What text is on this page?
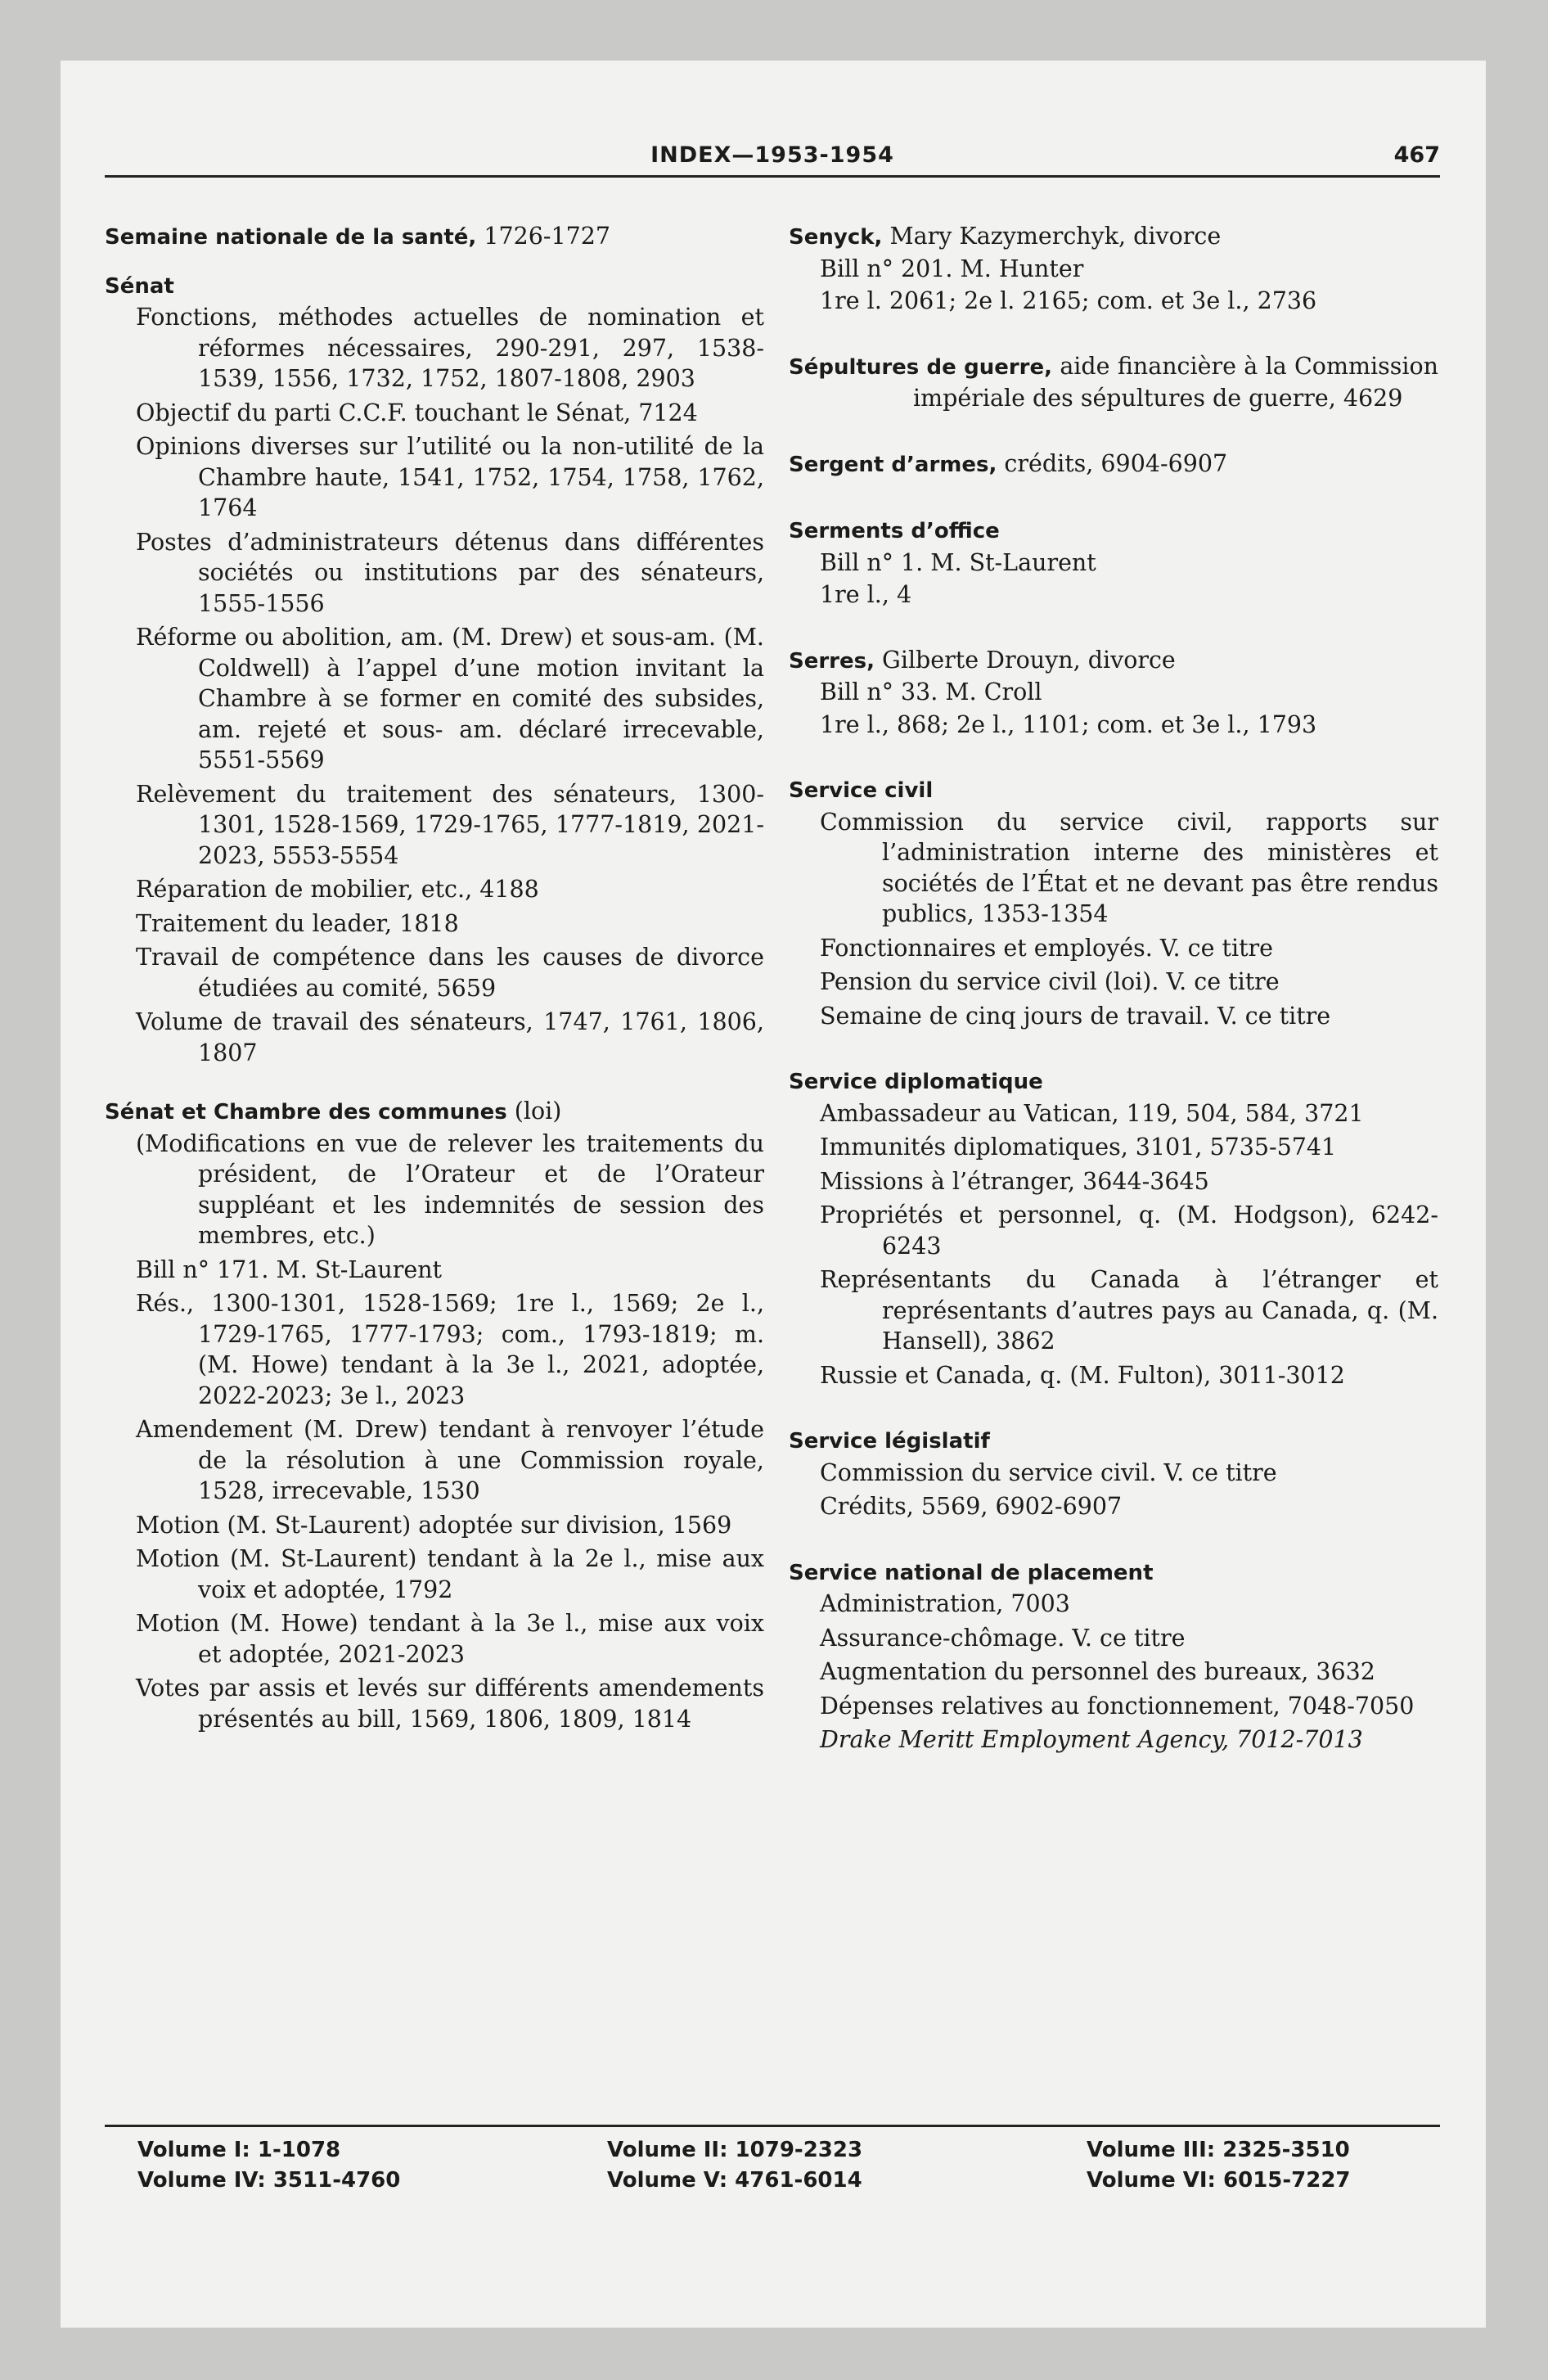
INDEX—1953-1954	467
Semaine nationale de la santé, 1726-1727
Sénat
Fonctions, méthodes actuelles de nomination et réformes nécessaires, 290-291, 297, 1538-1539, 1556, 1732, 1752, 1807-1808, 2903
Objectif du parti C.C.F. touchant le Sénat, 7124
Opinions diverses sur l’utilité ou la non-utilité de la Chambre haute, 1541, 1752, 1754, 1758, 1762, 1764
Postes d’administrateurs détenus dans différentes sociétés ou institutions par des sénateurs, 1555-1556
Réforme ou abolition, am. (M. Drew) et sous-am. (M. Coldwell) à l’appel d’une motion invitant la Chambre à se former en comité des subsides, am. rejeté et sous- am. déclaré irrecevable, 5551-5569
Relèvement du traitement des sénateurs, 1300-1301, 1528-1569, 1729-1765, 1777-1819, 2021-2023, 5553-5554
Réparation de mobilier, etc., 4188
Traitement du leader, 1818
Travail de compétence dans les causes de divorce étudiées au comité, 5659
Volume de travail des sénateurs, 1747, 1761, 1806, 1807
Sénat et Chambre des communes (loi)
(Modifications en vue de relever les traitements du président, de l’Orateur et de l’Orateur suppléant et les indemnités de session des membres, etc.)
Bill n° 171. M. St-Laurent
Rés., 1300-1301, 1528-1569; 1re l., 1569; 2e l., 1729-1765, 1777-1793; com., 1793-1819; m. (M. Howe) tendant à la 3e l., 2021, adoptée, 2022-2023; 3e l., 2023
Amendement (M. Drew) tendant à renvoyer l’étude de la résolution à une Commission royale, 1528, irrecevable, 1530
Motion (M. St-Laurent) adoptée sur division, 1569
Motion (M. St-Laurent) tendant à la 2e l., mise aux voix et adoptée, 1792
Motion (M. Howe) tendant à la 3e l., mise aux voix et adoptée, 2021-2023
Votes par assis et levés sur différents amendements présentés au bill, 1569, 1806, 1809, 1814
Senyck, Mary Kazymerchyk, divorce
Bill n° 201. M. Hunter
1re l. 2061; 2e l. 2165; com. et 3e l., 2736
Sépultures de guerre, aide financière à la Commission impériale des sépultures de guerre, 4629
Sergent d’armes, crédits, 6904-6907
Serments d’office
Bill n° 1. M. St-Laurent
1re l., 4
Serres, Gilberte Drouyn, divorce
Bill n° 33. M. Croll
1re l., 868; 2e l., 1101; com. et 3e l., 1793
Service civil
Commission du service civil, rapports sur l’administration interne des ministères et sociétés de l’État et ne devant pas être rendus publics, 1353-1354
Fonctionnaires et employés. V. ce titre
Pension du service civil (loi). V. ce titre
Semaine de cinq jours de travail. V. ce titre
Service diplomatique
Ambassadeur au Vatican, 119, 504, 584, 3721
Immunités diplomatiques, 3101, 5735-5741
Missions à l’étranger, 3644-3645
Propriétés et personnel, q. (M. Hodgson), 6242-6243
Représentants du Canada à l’étranger et représentants d’autres pays au Canada, q. (M. Hansell), 3862
Russie et Canada, q. (M. Fulton), 3011-3012
Service législatif
Commission du service civil. V. ce titre
Crédits, 5569, 6902-6907
Service national de placement
Administration, 7003
Assurance-chômage. V. ce titre
Augmentation du personnel des bureaux, 3632
Dépenses relatives au fonctionnement, 7048-7050
Drake Meritt Employment Agency, 7012-7013
Volume I: 1-1078
Volume IV: 3511-4760
Volume II: 1079-2323
Volume V: 4761-6014
Volume III: 2325-3510
Volume VI: 6015-7227
